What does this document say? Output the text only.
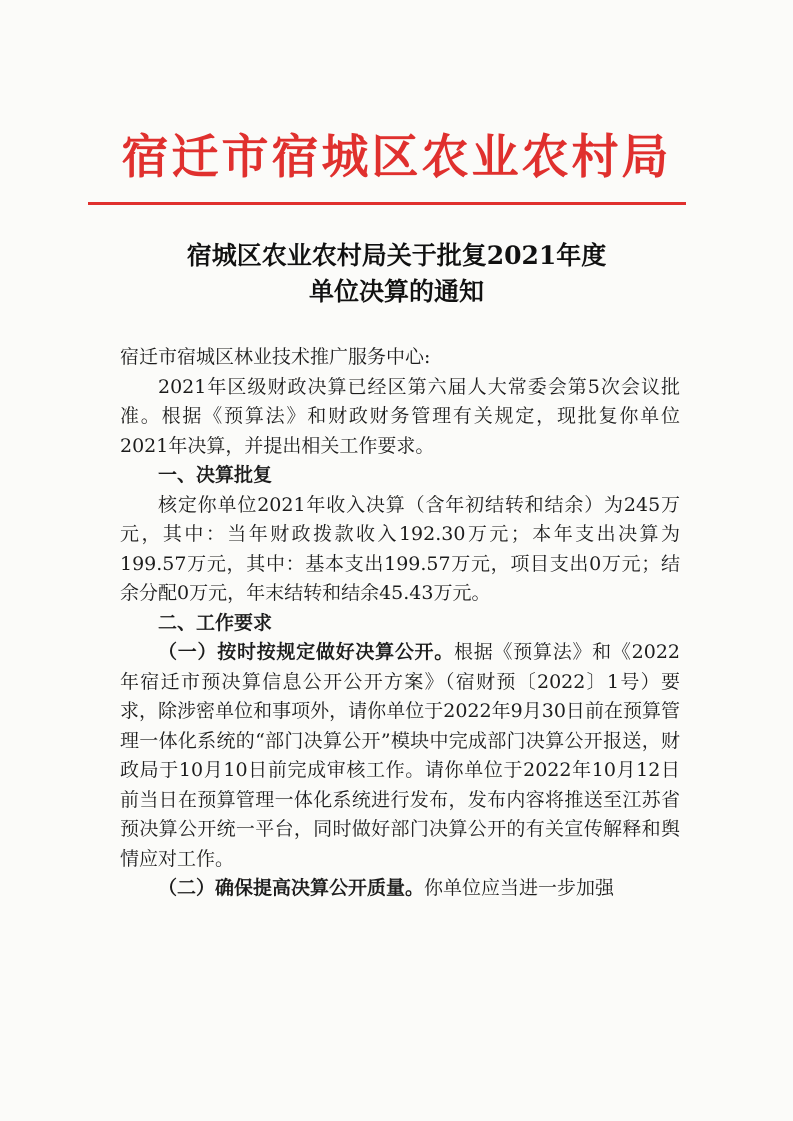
宿迁市宿城区农业农村局
宿城区农业农村局关于批复2021年度
单位决算的通知

宿迁市宿城区林业技术推广服务中心:

2021年区级财政决算已经区第六届人大常委会第5次会议批准。根据《预算法》和财政财务管理有关规定，现批复你单位2021年决算，并提出相关工作要求。

一、决算批复

核定你单位2021年收入决算（含年初结转和结余）为245万元，其中：当年财政拨款收入192.30万元；本年支出决算为199.57万元，其中：基本支出199.57万元，项目支出0万元；结余分配0万元，年末结转和结余45.43万元。

二、工作要求

（一）按时按规定做好决算公开。根据《预算法》和《2022年宿迁市预决算信息公开公开方案》（宿财预〔2022〕1号）要求，除涉密单位和事项外，请你单位于2022年9月30日前在预算管理一体化系统的“部门决算公开”模块中完成部门决算公开报送，财政局于10月10日前完成审核工作。请你单位于2022年10月12日前当日在预算管理一体化系统进行发布，发布内容将推送至江苏省预决算公开统一平台，同时做好部门决算公开的有关宣传解释和舆情应对工作。

（二）确保提高决算公开质量。你单位应当进一步加强
